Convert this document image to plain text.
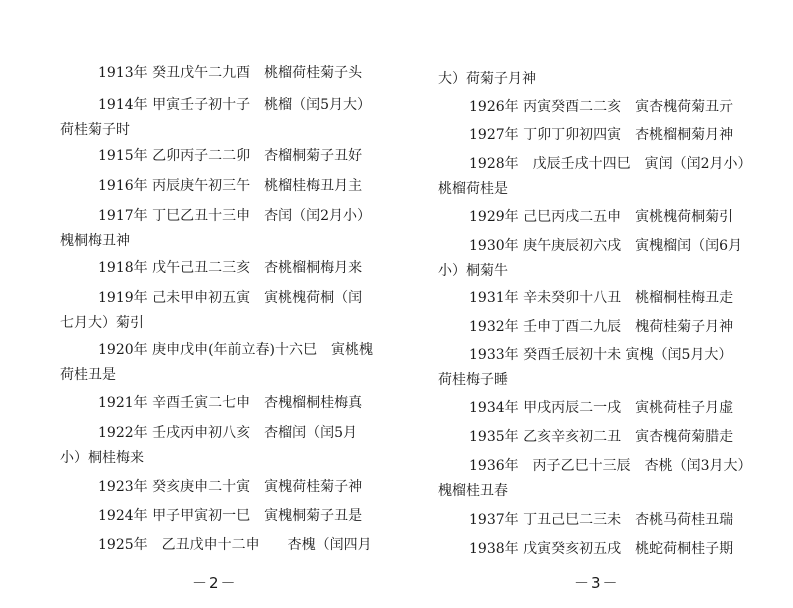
1913年 癸丑戊午二九酉　桃榴荷桂菊子头
1914年 甲寅壬子初十子　桃榴（闰5月大）
荷桂菊子时
1915年 乙卯丙子二二卯　杏榴桐菊子丑好
1916年 丙辰庚午初三午　桃榴桂梅丑月主
1917年 丁巳乙丑十三申　杏闰（闰2月小）
槐桐梅丑神
1918年 戊午己丑二三亥　杏桃榴桐梅月来
1919年 己未甲申初五寅　寅桃槐荷桐（闰
七月大）菊引
1920年 庚申戊申(年前立春)十六巳　寅桃槐
荷桂丑是
1921年 辛酉壬寅二七申　杏槐榴桐桂梅真
1922年 壬戌丙申初八亥　杏榴闰（闰5月
小）桐桂梅来
1923年 癸亥庚申二十寅　寅槐荷桂菊子神
1924年 甲子甲寅初一巳　寅槐桐菊子丑是
1925年　乙丑戊申十二申　　杏槐（闰四月
－2－
大）荷菊子月神
1926年 丙寅癸酉二二亥　寅杏槐荷菊丑亓
1927年 丁卯丁卯初四寅　杏桃榴桐菊月神
1928年　戊辰壬戌十四巳　寅闰（闰2月小）
桃榴荷桂是
1929年 己巳丙戌二五申　寅桃槐荷桐菊引
1930年 庚午庚辰初六戌　寅槐榴闰（闰6月
小）桐菊牛
1931年 辛未癸卯十八丑　桃榴桐桂梅丑走
1932年 壬申丁酉二九辰　槐荷桂菊子月神
1933年 癸酉壬辰初十未 寅槐（闰5月大）
荷桂梅子睡
1934年 甲戌丙辰二一戌　寅桃荷桂子月虚
1935年 乙亥辛亥初二丑　寅杏槐荷菊腊走
1936年　丙子乙巳十三辰　杏桃（闰3月大）
槐榴桂丑春
1937年 丁丑己巳二三未　杏桃马荷桂丑瑞
1938年 戊寅癸亥初五戌　桃蛇荷桐桂子期
－3－
